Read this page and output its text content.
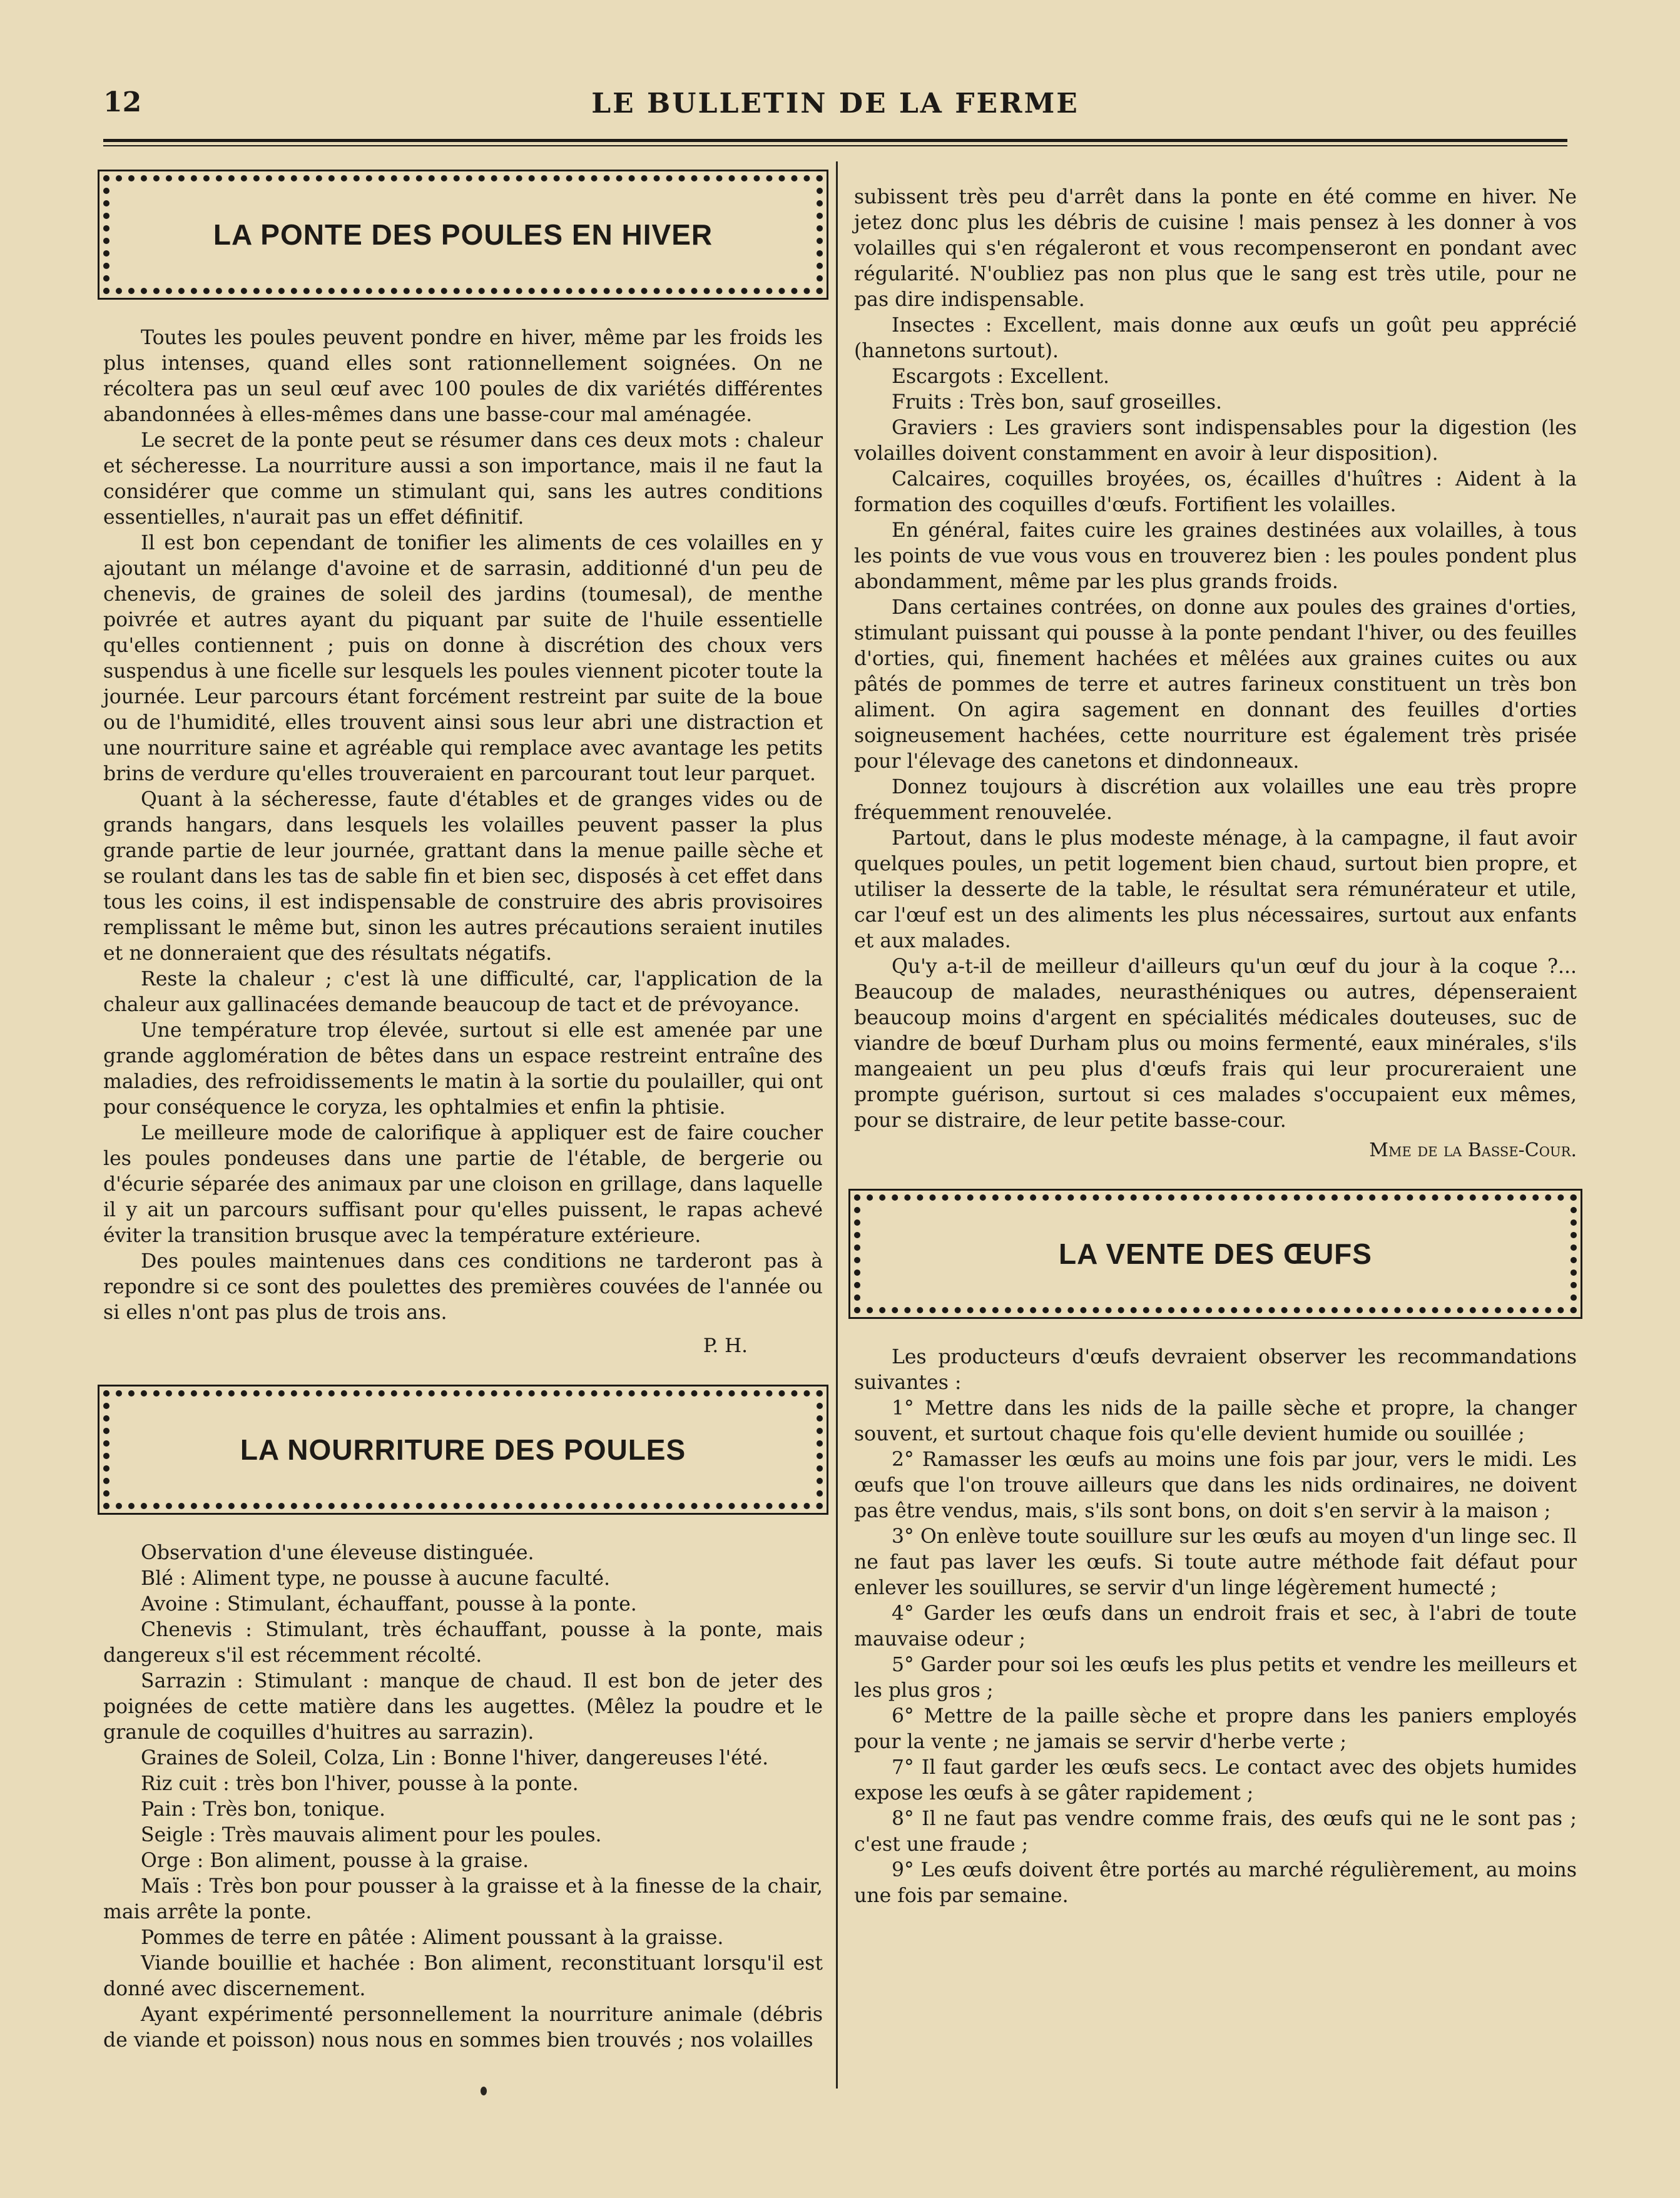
12	LE BULLETIN DE LA FERME
LA PONTE DES POULES EN HIVER

Toutes les poules peuvent pondre en hiver, même par les froids les plus intenses, quand elles sont rationnellement soignées. On ne récoltera pas un seul œuf avec 100 poules de dix variétés différentes abandonnées à elles-mêmes dans une basse-cour mal aménagée.

Le secret de la ponte peut se résumer dans ces deux mots : chaleur et sécheresse. La nourriture aussi a son importance, mais il ne faut la considérer que comme un stimulant qui, sans les autres conditions essentielles, n'aurait pas un effet définitif.

Il est bon cependant de tonifier les aliments de ces volailles en y ajoutant un mélange d'avoine et de sarrasin, additionné d'un peu de chenevis, de graines de soleil des jardins (toumesal), de menthe poivrée et autres ayant du piquant par suite de l'huile essentielle qu'elles contiennent ; puis on donne à discrétion des choux vers suspendus à une ficelle sur lesquels les poules viennent picoter toute la journée. Leur parcours étant forcément restreint par suite de la boue ou de l'humidité, elles trouvent ainsi sous leur abri une distraction et une nourriture saine et agréable qui remplace avec avantage les petits brins de verdure qu'elles trouveraient en parcourant tout leur parquet.

Quant à la sécheresse, faute d'étables et de granges vides ou de grands hangars, dans lesquels les volailles peuvent passer la plus grande partie de leur journée, grattant dans la menue paille sèche et se roulant dans les tas de sable fin et bien sec, disposés à cet effet dans tous les coins, il est indispensable de construire des abris provisoires remplissant le même but, sinon les autres précautions seraient inutiles et ne donneraient que des résultats négatifs.

Reste la chaleur ; c'est là une difficulté, car, l'application de la chaleur aux gallinacées demande beaucoup de tact et de prévoyance.

Une température trop élevée, surtout si elle est amenée par une grande agglomération de bêtes dans un espace restreint entraîne des maladies, des refroidissements le matin à la sortie du poulailler, qui ont pour conséquence le coryza, les ophtalmies et enfin la phtisie.

Le meilleure mode de calorifique à appliquer est de faire coucher les poules pondeuses dans une partie de l'étable, de bergerie ou d'écurie séparée des animaux par une cloison en grillage, dans laquelle il y ait un parcours suffisant pour qu'elles puissent, le rapas achevé éviter la transition brusque avec la température extérieure.

Des poules maintenues dans ces conditions ne tarderont pas à repondre si ce sont des poulettes des premières couvées de l'année ou si elles n'ont pas plus de trois ans.

P. H.

LA NOURRITURE DES POULES

Observation d'une éleveuse distinguée.

Blé : Aliment type, ne pousse à aucune faculté.

Avoine : Stimulant, échauffant, pousse à la ponte.

Chenevis : Stimulant, très échauffant, pousse à la ponte, mais dangereux s'il est récemment récolté.

Sarrazin : Stimulant : manque de chaud. Il est bon de jeter des poignées de cette matière dans les augettes. (Mêlez la poudre et le granule de coquilles d'huitres au sarrazin).

Graines de Soleil, Colza, Lin : Bonne l'hiver, dangereuses l'été.

Riz cuit : très bon l'hiver, pousse à la ponte.

Pain : Très bon, tonique.

Seigle : Très mauvais aliment pour les poules.

Orge : Bon aliment, pousse à la graise.

Maïs : Très bon pour pousser à la graisse et à la finesse de la chair, mais arrête la ponte.

Pommes de terre en pâtée : Aliment poussant à la graisse.

Viande bouillie et hachée : Bon aliment, reconstituant lorsqu'il est donné avec discernement.

Ayant expérimenté personnellement la nourriture animale (débris de viande et poisson) nous nous en sommes bien trouvés ; nos volailles

subissent très peu d'arrêt dans la ponte en été comme en hiver. Ne jetez donc plus les débris de cuisine ! mais pensez à les donner à vos volailles qui s'en régaleront et vous recompenseront en pondant avec régularité. N'oubliez pas non plus que le sang est très utile, pour ne pas dire indispensable.

Insectes : Excellent, mais donne aux œufs un goût peu apprécié (hannetons surtout).

Escargots : Excellent.

Fruits : Très bon, sauf groseilles.

Graviers : Les graviers sont indispensables pour la digestion (les volailles doivent constamment en avoir à leur disposition).

Calcaires, coquilles broyées, os, écailles d'huîtres : Aident à la formation des coquilles d'œufs. Fortifient les volailles.

En général, faites cuire les graines destinées aux volailles, à tous les points de vue vous vous en trouverez bien : les poules pondent plus abondamment, même par les plus grands froids.

Dans certaines contrées, on donne aux poules des graines d'orties, stimulant puissant qui pousse à la ponte pendant l'hiver, ou des feuilles d'orties, qui, finement hachées et mêlées aux graines cuites ou aux pâtés de pommes de terre et autres farineux constituent un très bon aliment. On agira sagement en donnant des feuilles d'orties soigneusement hachées, cette nourriture est également très prisée pour l'élevage des canetons et dindonneaux.

Donnez toujours à discrétion aux volailles une eau très propre fréquemment renouvelée.

Partout, dans le plus modeste ménage, à la campagne, il faut avoir quelques poules, un petit logement bien chaud, surtout bien propre, et utiliser la desserte de la table, le résultat sera rémunérateur et utile, car l'œuf est un des aliments les plus nécessaires, surtout aux enfants et aux malades.

Qu'y a-t-il de meilleur d'ailleurs qu'un œuf du jour à la coque ?... Beaucoup de malades, neurasthéniques ou autres, dépenseraient beaucoup moins d'argent en spécialités médicales douteuses, suc de viandre de bœuf Durham plus ou moins fermenté, eaux minérales, s'ils mangeaient un peu plus d'œufs frais qui leur procureraient une prompte guérison, surtout si ces malades s'occupaient eux mêmes, pour se distraire, de leur petite basse-cour.

Mme de la Basse-Cour.

LA VENTE DES ŒUFS

Les producteurs d'œufs devraient observer les recommandations suivantes :

1° Mettre dans les nids de la paille sèche et propre, la changer souvent, et surtout chaque fois qu'elle devient humide ou souillée ;

2° Ramasser les œufs au moins une fois par jour, vers le midi. Les œufs que l'on trouve ailleurs que dans les nids ordinaires, ne doivent pas être vendus, mais, s'ils sont bons, on doit s'en servir à la maison ;

3° On enlève toute souillure sur les œufs au moyen d'un linge sec. Il ne faut pas laver les œufs. Si toute autre méthode fait défaut pour enlever les souillures, se servir d'un linge légèrement humecté ;

4° Garder les œufs dans un endroit frais et sec, à l'abri de toute mauvaise odeur ;

5° Garder pour soi les œufs les plus petits et vendre les meilleurs et les plus gros ;

6° Mettre de la paille sèche et propre dans les paniers employés pour la vente ; ne jamais se servir d'herbe verte ;

7° Il faut garder les œufs secs. Le contact avec des objets humides expose les œufs à se gâter rapidement ;

8° Il ne faut pas vendre comme frais, des œufs qui ne le sont pas ; c'est une fraude ;

9° Les œufs doivent être portés au marché régulièrement, au moins une fois par semaine.
